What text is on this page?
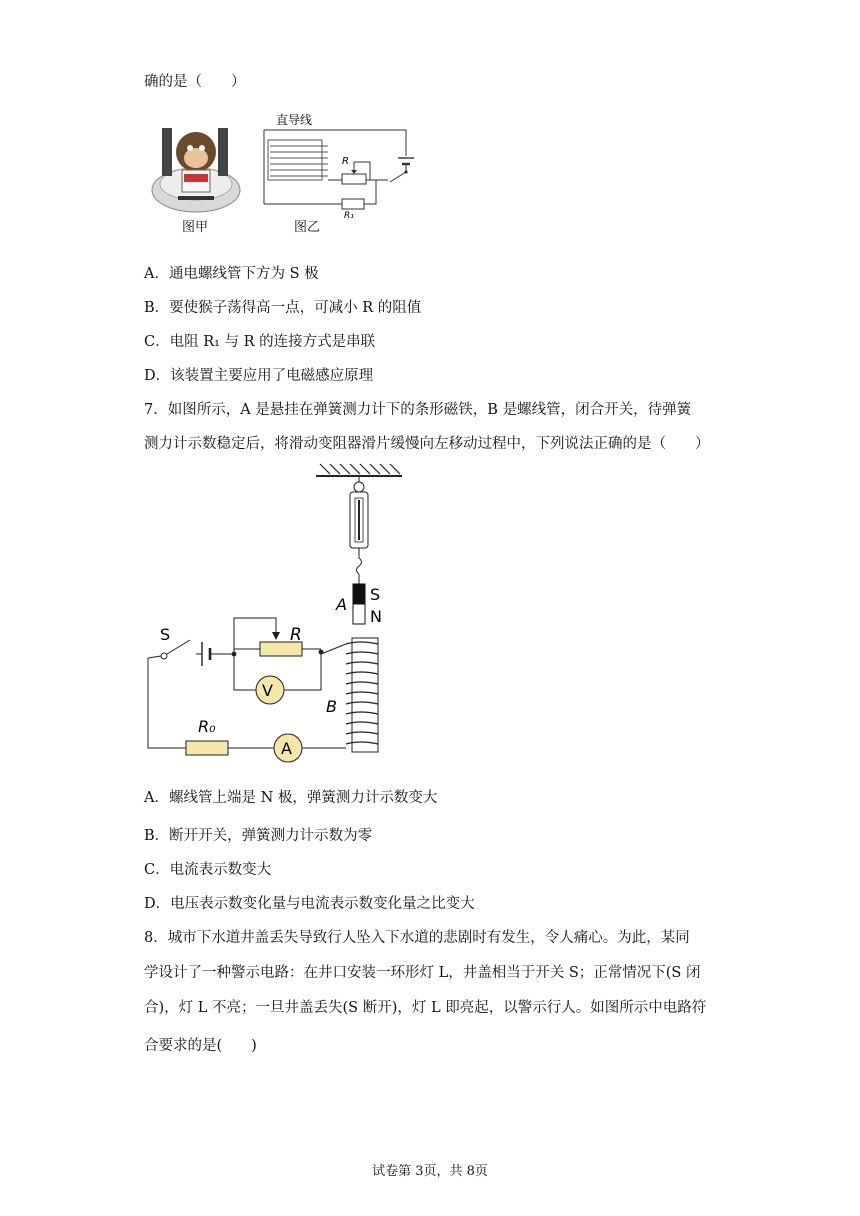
确的是（　　）
图甲
直导线
R
R₁
图乙
A．通电螺线管下方为 S 极
B．要使猴子荡得高一点，可减小 R 的阻值
C．电阻 R₁ 与 R 的连接方式是串联
D．该装置主要应用了电磁感应原理
7．如图所示，A 是悬挂在弹簧测力计下的条形磁铁，B 是螺线管，闭合开关，待弹簧
测力计示数稳定后，将滑动变阻器滑片缓慢向左移动过程中，下列说法正确的是（　　）
A
S
N
B
S	R
V
R₀
A
A．螺线管上端是 N 极，弹簧测力计示数变大
B．断开开关，弹簧测力计示数为零
C．电流表示数变大
D．电压表示数变化量与电流表示数变化量之比变大
8．城市下水道井盖丢失导致行人坠入下水道的悲剧时有发生，令人痛心。为此，某同
学设计了一种警示电路：在井口安装一环形灯 L，井盖相当于开关 S；正常情况下(S 闭
合)，灯 L 不亮；一旦井盖丢失(S 断开)，灯 L 即亮起，以警示行人。如图所示中电路符
合要求的是(　　)
试卷第 3页，共 8页
